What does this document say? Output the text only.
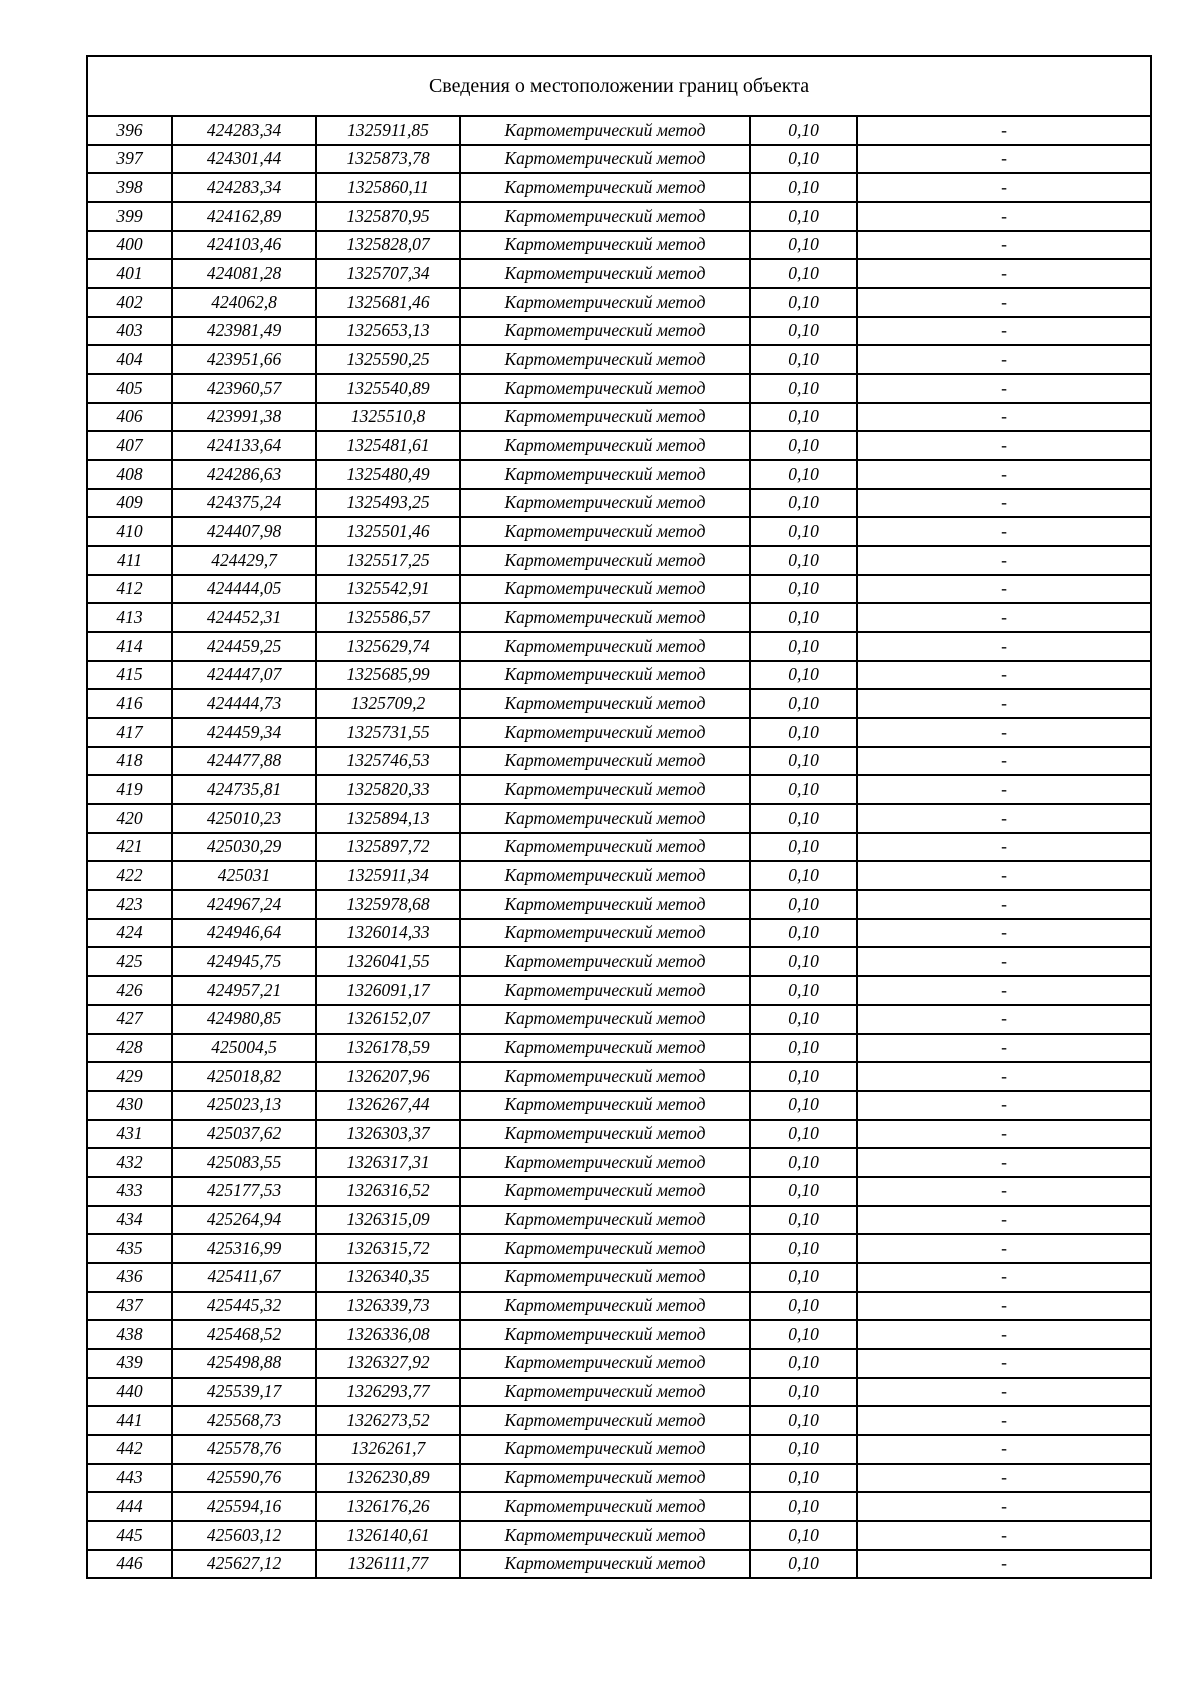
Сведения о местоположении границ объекта					
396	424283,34	1325911,85	Картометрический метод	0,10	-
397	424301,44	1325873,78	Картометрический метод	0,10	-
398	424283,34	1325860,11	Картометрический метод	0,10	-
399	424162,89	1325870,95	Картометрический метод	0,10	-
400	424103,46	1325828,07	Картометрический метод	0,10	-
401	424081,28	1325707,34	Картометрический метод	0,10	-
402	424062,8	1325681,46	Картометрический метод	0,10	-
403	423981,49	1325653,13	Картометрический метод	0,10	-
404	423951,66	1325590,25	Картометрический метод	0,10	-
405	423960,57	1325540,89	Картометрический метод	0,10	-
406	423991,38	1325510,8	Картометрический метод	0,10	-
407	424133,64	1325481,61	Картометрический метод	0,10	-
408	424286,63	1325480,49	Картометрический метод	0,10	-
409	424375,24	1325493,25	Картометрический метод	0,10	-
410	424407,98	1325501,46	Картометрический метод	0,10	-
411	424429,7	1325517,25	Картометрический метод	0,10	-
412	424444,05	1325542,91	Картометрический метод	0,10	-
413	424452,31	1325586,57	Картометрический метод	0,10	-
414	424459,25	1325629,74	Картометрический метод	0,10	-
415	424447,07	1325685,99	Картометрический метод	0,10	-
416	424444,73	1325709,2	Картометрический метод	0,10	-
417	424459,34	1325731,55	Картометрический метод	0,10	-
418	424477,88	1325746,53	Картометрический метод	0,10	-
419	424735,81	1325820,33	Картометрический метод	0,10	-
420	425010,23	1325894,13	Картометрический метод	0,10	-
421	425030,29	1325897,72	Картометрический метод	0,10	-
422	425031	1325911,34	Картометрический метод	0,10	-
423	424967,24	1325978,68	Картометрический метод	0,10	-
424	424946,64	1326014,33	Картометрический метод	0,10	-
425	424945,75	1326041,55	Картометрический метод	0,10	-
426	424957,21	1326091,17	Картометрический метод	0,10	-
427	424980,85	1326152,07	Картометрический метод	0,10	-
428	425004,5	1326178,59	Картометрический метод	0,10	-
429	425018,82	1326207,96	Картометрический метод	0,10	-
430	425023,13	1326267,44	Картометрический метод	0,10	-
431	425037,62	1326303,37	Картометрический метод	0,10	-
432	425083,55	1326317,31	Картометрический метод	0,10	-
433	425177,53	1326316,52	Картометрический метод	0,10	-
434	425264,94	1326315,09	Картометрический метод	0,10	-
435	425316,99	1326315,72	Картометрический метод	0,10	-
436	425411,67	1326340,35	Картометрический метод	0,10	-
437	425445,32	1326339,73	Картометрический метод	0,10	-
438	425468,52	1326336,08	Картометрический метод	0,10	-
439	425498,88	1326327,92	Картометрический метод	0,10	-
440	425539,17	1326293,77	Картометрический метод	0,10	-
441	425568,73	1326273,52	Картометрический метод	0,10	-
442	425578,76	1326261,7	Картометрический метод	0,10	-
443	425590,76	1326230,89	Картометрический метод	0,10	-
444	425594,16	1326176,26	Картометрический метод	0,10	-
445	425603,12	1326140,61	Картометрический метод	0,10	-
446	425627,12	1326111,77	Картометрический метод	0,10	-
